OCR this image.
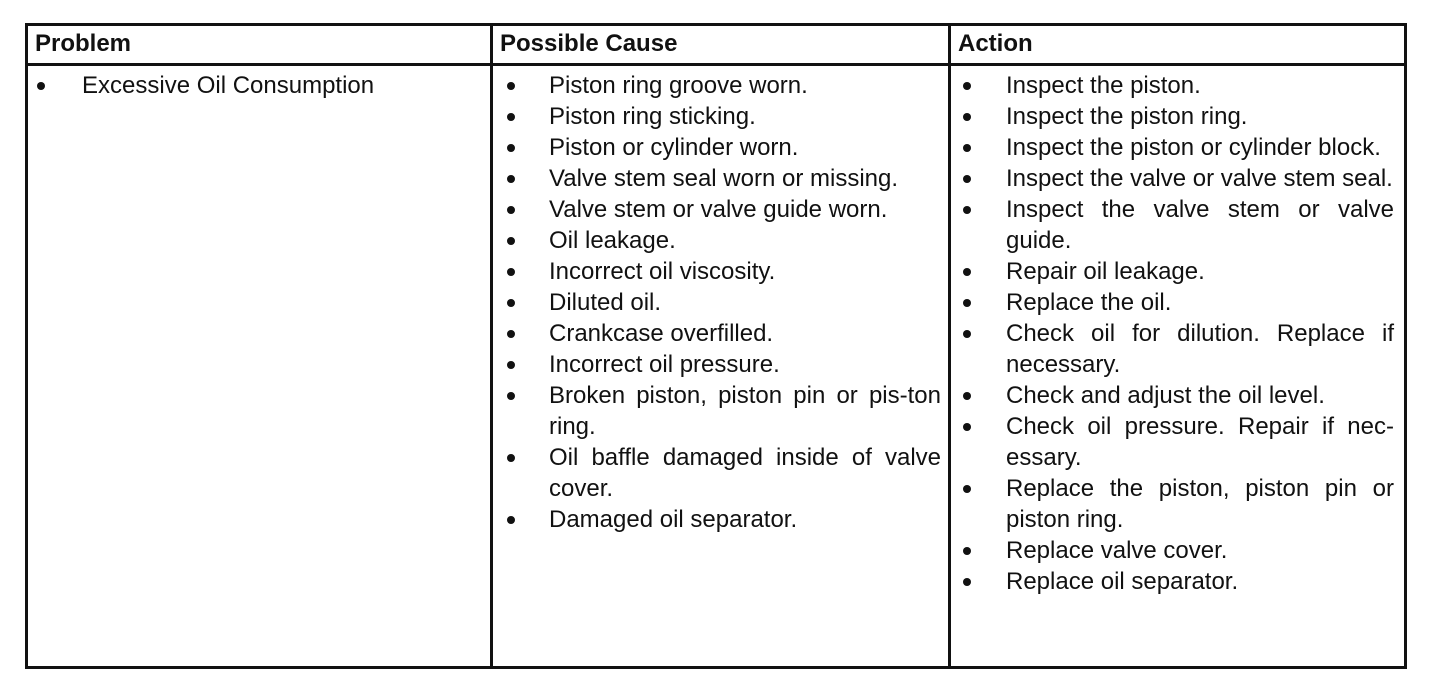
Problem
Excessive Oil Consumption
Possible Cause
Piston ring groove worn.
Piston ring sticking.
Piston or cylinder worn.
Valve stem seal worn or missing.
Valve stem or valve guide worn.
Oil leakage.
Incorrect oil viscosity.
Diluted oil.
Crankcase overfilled.
Incorrect oil pressure.
Broken piston, piston pin or pis-ton ring.
Oil baffle damaged inside of valve cover.
Damaged oil separator.
Action
Inspect the piston.
Inspect the piston ring.
Inspect the piston or cylinder block.
Inspect the valve or valve stem seal.
Inspect the valve stem or valve guide.
Repair oil leakage.
Replace the oil.
Check oil for dilution. Replace if necessary.
Check and adjust the oil level.
Check oil pressure. Repair if nec-essary.
Replace the piston, piston pin or piston ring.
Replace valve cover.
Replace oil separator.
